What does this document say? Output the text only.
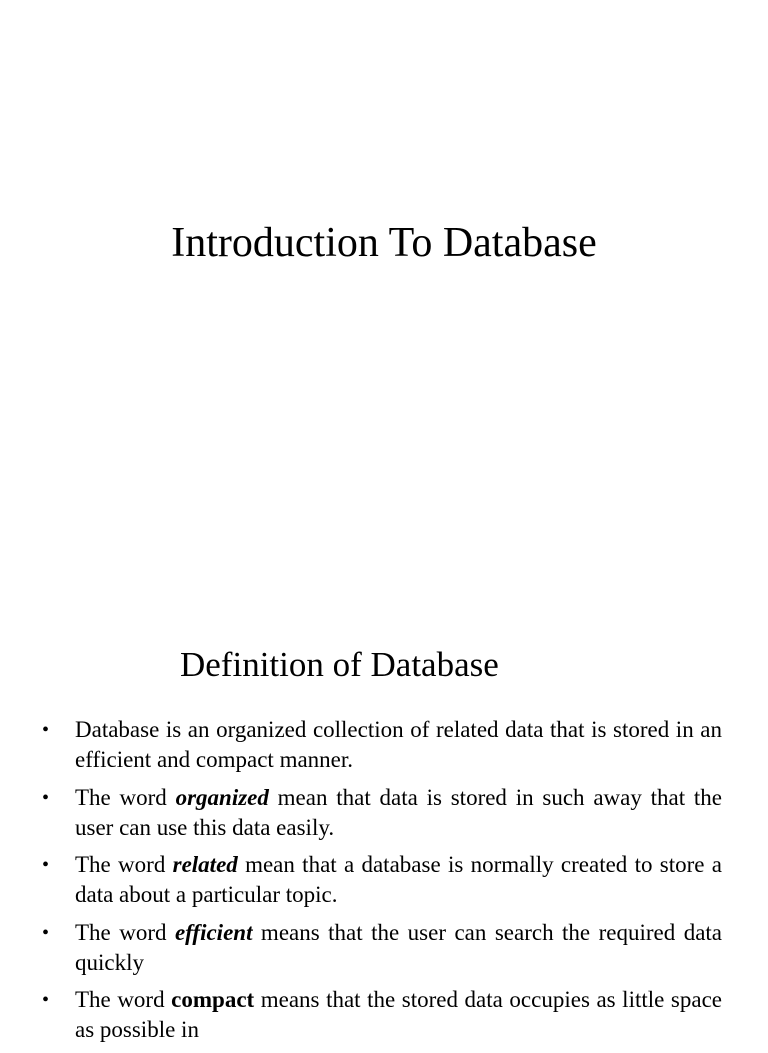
Introduction To Database
Definition of Database
• Database is an organized collection of related data that is stored in an efficient and compact manner.
• The word organized mean that data is stored in such away that the user can use this data easily.
• The word related mean that a database is normally created to store a data about a particular topic.
• The word efficient means that the user can search the required data quickly
• The word compact means that the stored data occupies as little space as possible in
